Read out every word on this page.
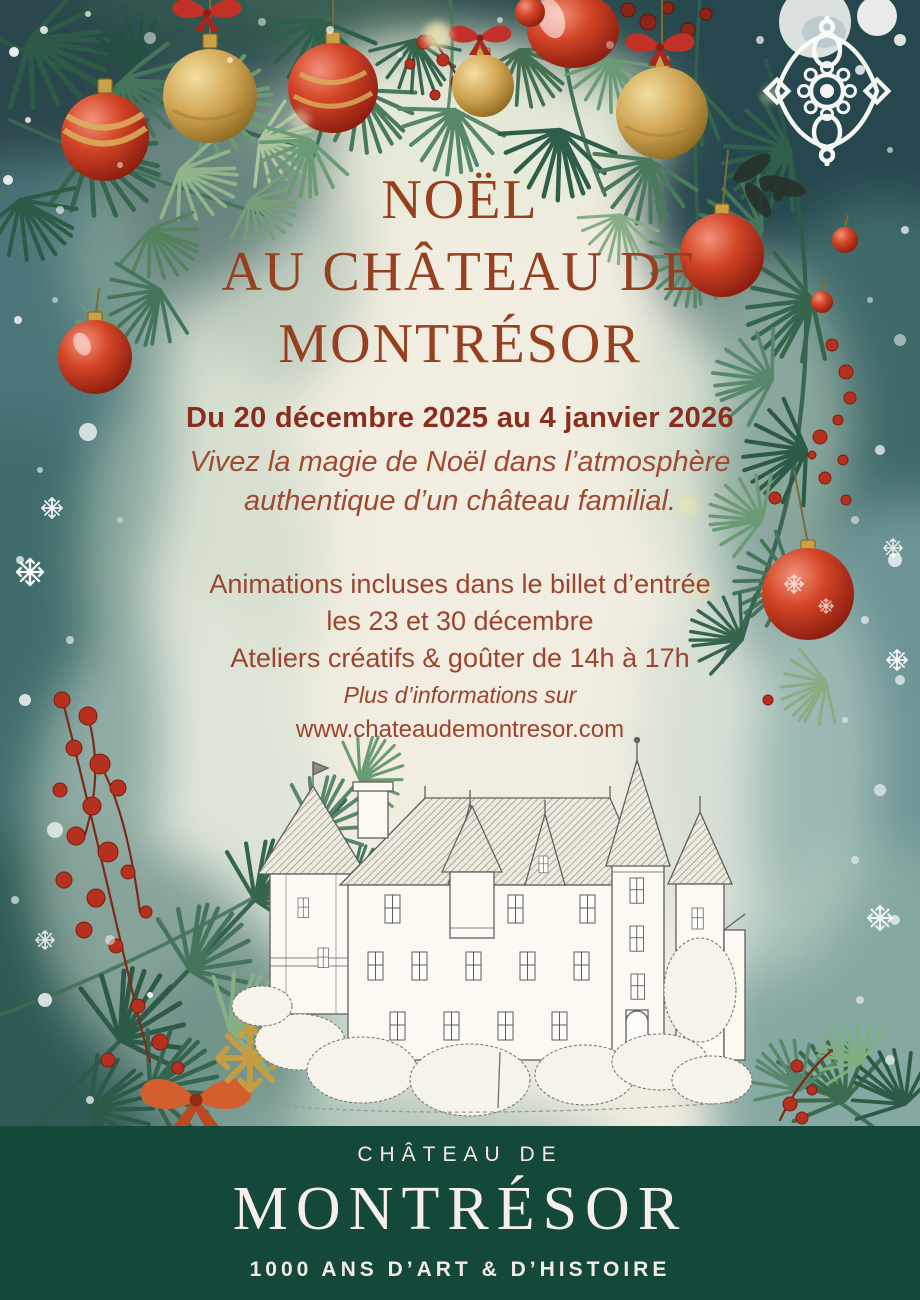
NOËL
AU CHÂTEAU DE
MONTRÉSOR
Du 20 décembre 2025 au 4 janvier 2026
Vivez la magie de Noël dans l’atmosphère
authentique d’un château familial.
Animations incluses dans le billet d’entrée
les 23 et 30 décembre
Ateliers créatifs & goûter de 14h à 17h
Plus d’informations sur
www.chateaudemontresor.com
CHÂTEAU DE
MONTRÉSOR
1000 ANS D’ART & D’HISTOIRE
